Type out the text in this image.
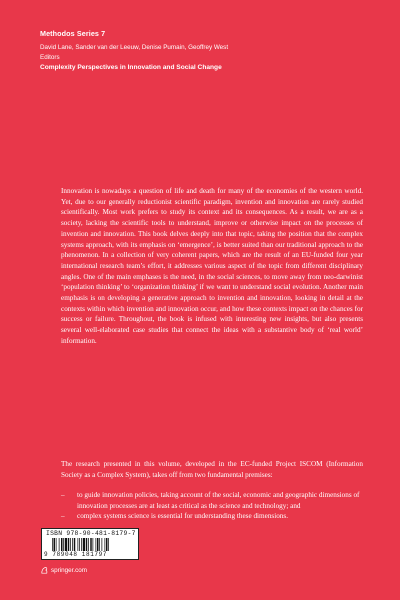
Methodos Series 7
David Lane, Sander van der Leeuw, Denise Pumain, Geoffrey West
Editors
Complexity Perspectives in Innovation and Social Change
Innovation is nowadays a question of life and death for many of the economies of the western world. Yet, due to our generally reductionist scientific paradigm, invention and innovation are rarely studied scientifically. Most work prefers to study its context and its consequences. As a result, we are as a society, lacking the scientific tools to understand, improve or otherwise impact on the processes of invention and innovation. This book delves deeply into that topic, taking the position that the complex systems approach, with its emphasis on ‘emergence’, is better suited than our traditional approach to the phenomenon. In a collection of very coherent papers, which are the result of an EU-funded four year international research team’s effort, it addresses various aspect of the topic from different disciplinary angles. One of the main emphases is the need, in the social sciences, to move away from neo-darwinist ‘population thinking’ to ‘organization thinking’ if we want to understand social evolution. Another main emphasis is on developing a generative approach to invention and innovation, looking in detail at the contexts within which invention and innovation occur, and how these contexts impact on the chances for success or failure. Throughout, the book is infused with interesting new insights, but also presents several well-elaborated case studies that connect the ideas with a substantive body of ‘real world’ information.
The research presented in this volume, developed in the EC-funded Project ISCOM (Information Society as a Complex System), takes off from two fundamental premises:
– to guide innovation policies, taking account of the social, economic and geographic dimensions of innovation processes are at least as critical as the science and technology; and
– complex systems science is essential for understanding these dimensions.
ISBN 978-90-481-8179-7
9 789048 181797
springer.com
